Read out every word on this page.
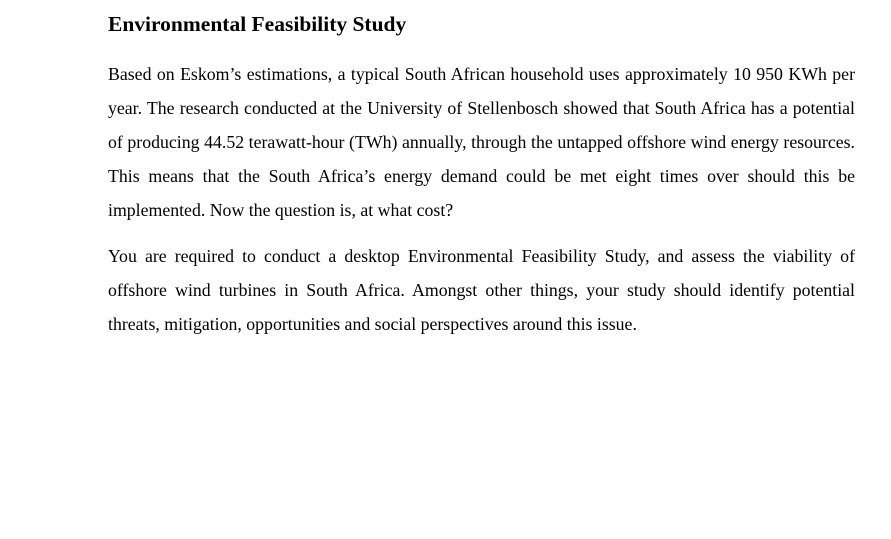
Environmental Feasibility Study

Based on Eskom’s estimations, a typical South African household uses approximately 10 950 KWh per year. The research conducted at the University of Stellenbosch showed that South Africa has a potential of producing 44.52 terawatt-hour (TWh) annually, through the untapped offshore wind energy resources. This means that the South Africa’s energy demand could be met eight times over should this be implemented. Now the question is, at what cost?

You are required to conduct a desktop Environmental Feasibility Study, and assess the viability of offshore wind turbines in South Africa. Amongst other things, your study should identify potential threats, mitigation, opportunities and social perspectives around this issue.
